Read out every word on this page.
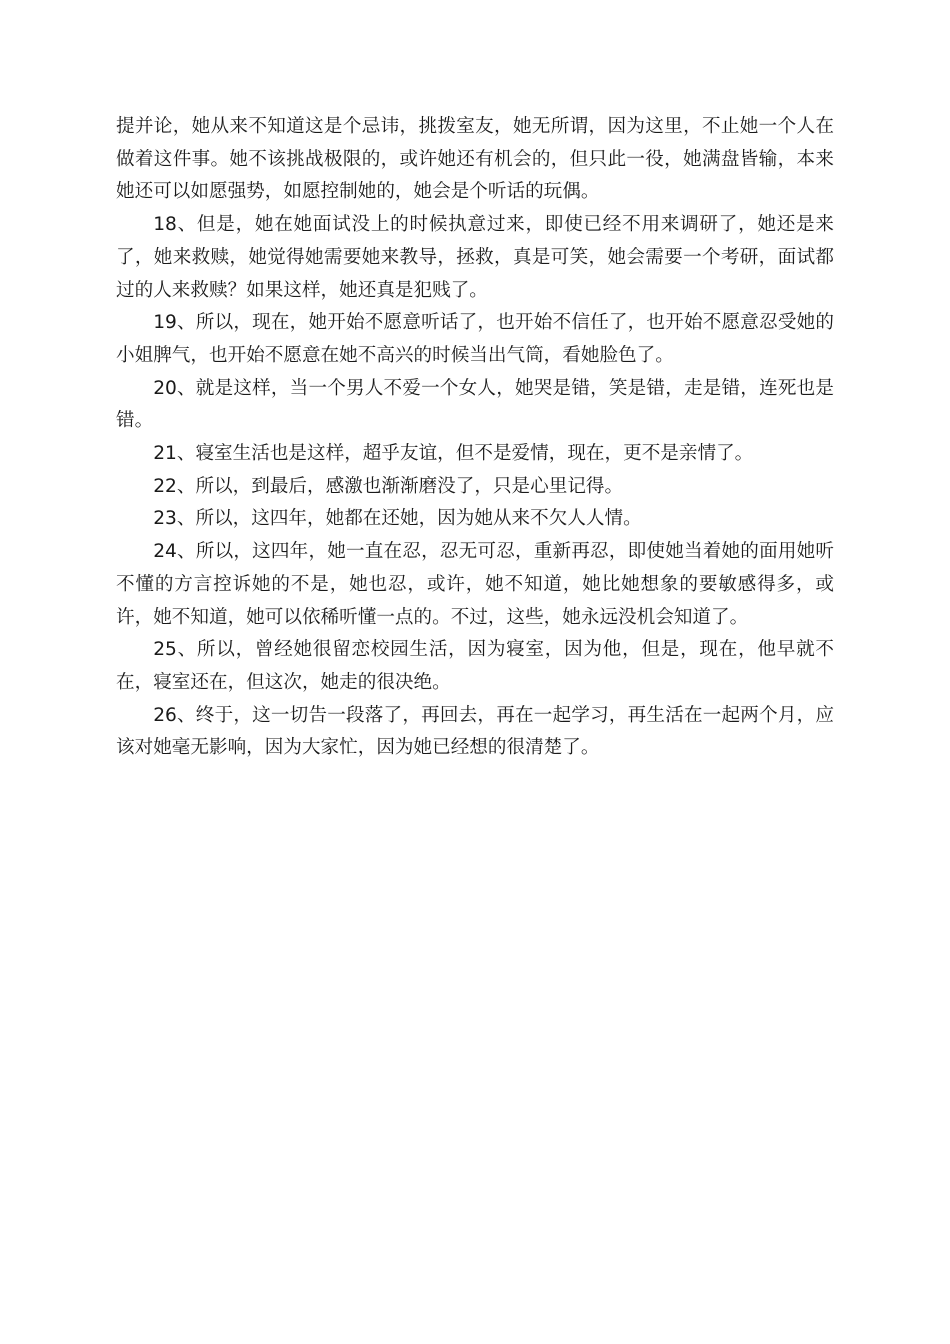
提并论，她从来不知道这是个忌讳，挑拨室友，她无所谓，因为这里，不止她一个人在做着这件事。她不该挑战极限的，或许她还有机会的，但只此一役，她满盘皆输，本来她还可以如愿强势，如愿控制她的，她会是个听话的玩偶。

18、但是，她在她面试没上的时候执意过来，即使已经不用来调研了，她还是来了，她来救赎，她觉得她需要她来教导，拯救，真是可笑，她会需要一个考研，面试都过的人来救赎？如果这样，她还真是犯贱了。

19、所以，现在，她开始不愿意听话了，也开始不信任了，也开始不愿意忍受她的小姐脾气，也开始不愿意在她不高兴的时候当出气筒，看她脸色了。

20、就是这样，当一个男人不爱一个女人，她哭是错，笑是错，走是错，连死也是错。

21、寝室生活也是这样，超乎友谊，但不是爱情，现在，更不是亲情了。

22、所以，到最后，感激也渐渐磨没了，只是心里记得。

23、所以，这四年，她都在还她，因为她从来不欠人人情。

24、所以，这四年，她一直在忍，忍无可忍，重新再忍，即使她当着她的面用她听不懂的方言控诉她的不是，她也忍，或许，她不知道，她比她想象的要敏感得多，或许，她不知道，她可以依稀听懂一点的。不过，这些，她永远没机会知道了。

25、所以，曾经她很留恋校园生活，因为寝室，因为他，但是，现在，他早就不在，寝室还在，但这次，她走的很决绝。

26、终于，这一切告一段落了，再回去，再在一起学习，再生活在一起两个月，应该对她毫无影响，因为大家忙，因为她已经想的很清楚了。
